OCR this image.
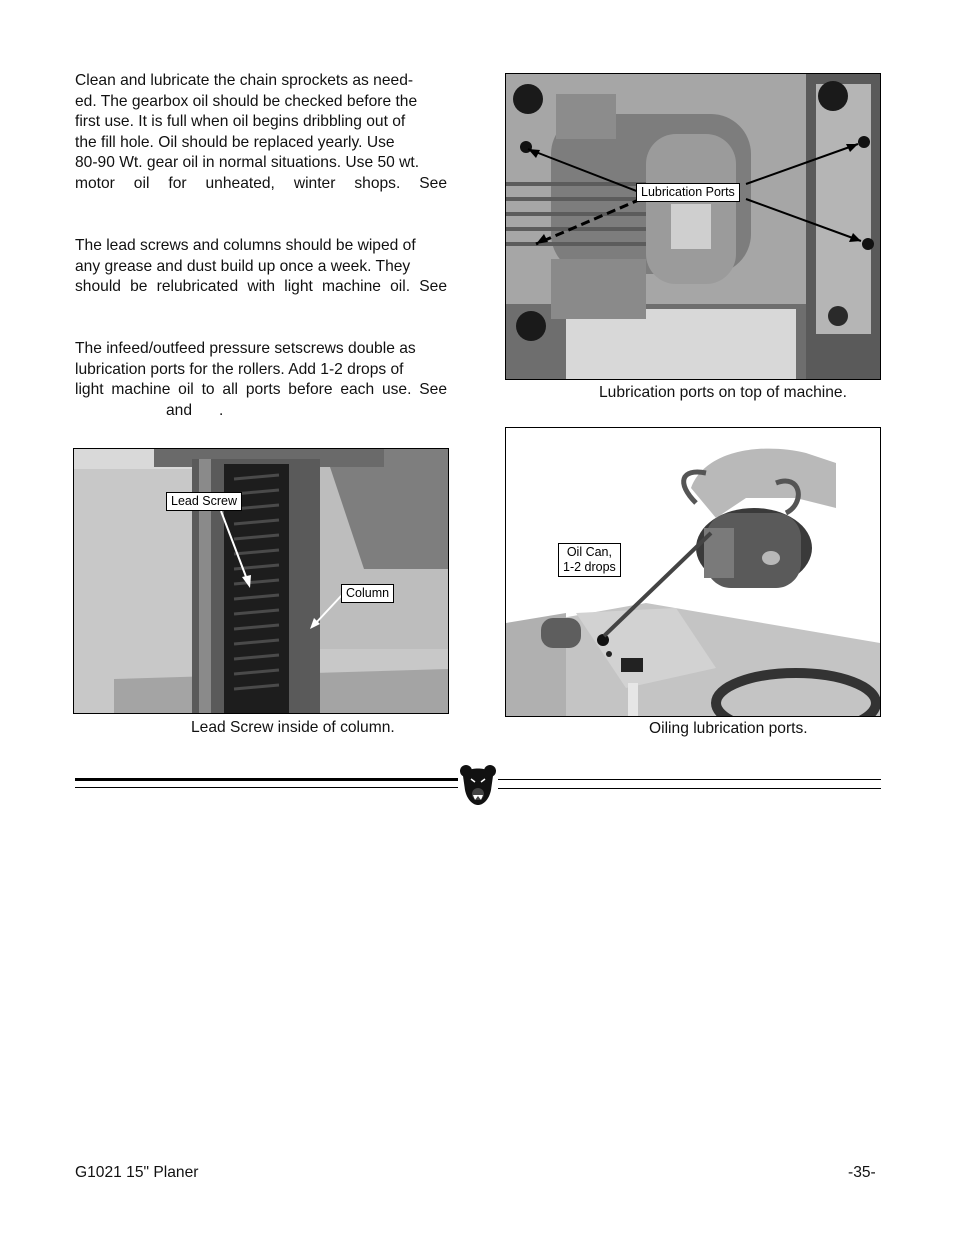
Clean and lubricate the chain sprockets as need-
ed. The gearbox oil should be checked before the
first use. It is full when oil begins dribbling out of
the fill hole. Oil should be replaced yearly. Use
80-90 Wt. gear oil in normal situations. Use 50 wt.
motor oil for unheated, winter shops. See
The lead screws and columns should be wiped of
any grease and dust build up once a week. They
should be relubricated with light machine oil. See
The infeed/outfeed pressure setscrews double as
lubrication ports for the rollers. Add 1-2 drops of
light machine oil to all ports before each use. See
and .
Lubrication Ports
Lubrication ports on top of machine.
Lead Screw
Column
Lead Screw inside of column.
Oil Can,
1-2 drops
Oiling lubrication ports.
G1021 15" Planer	-35-
